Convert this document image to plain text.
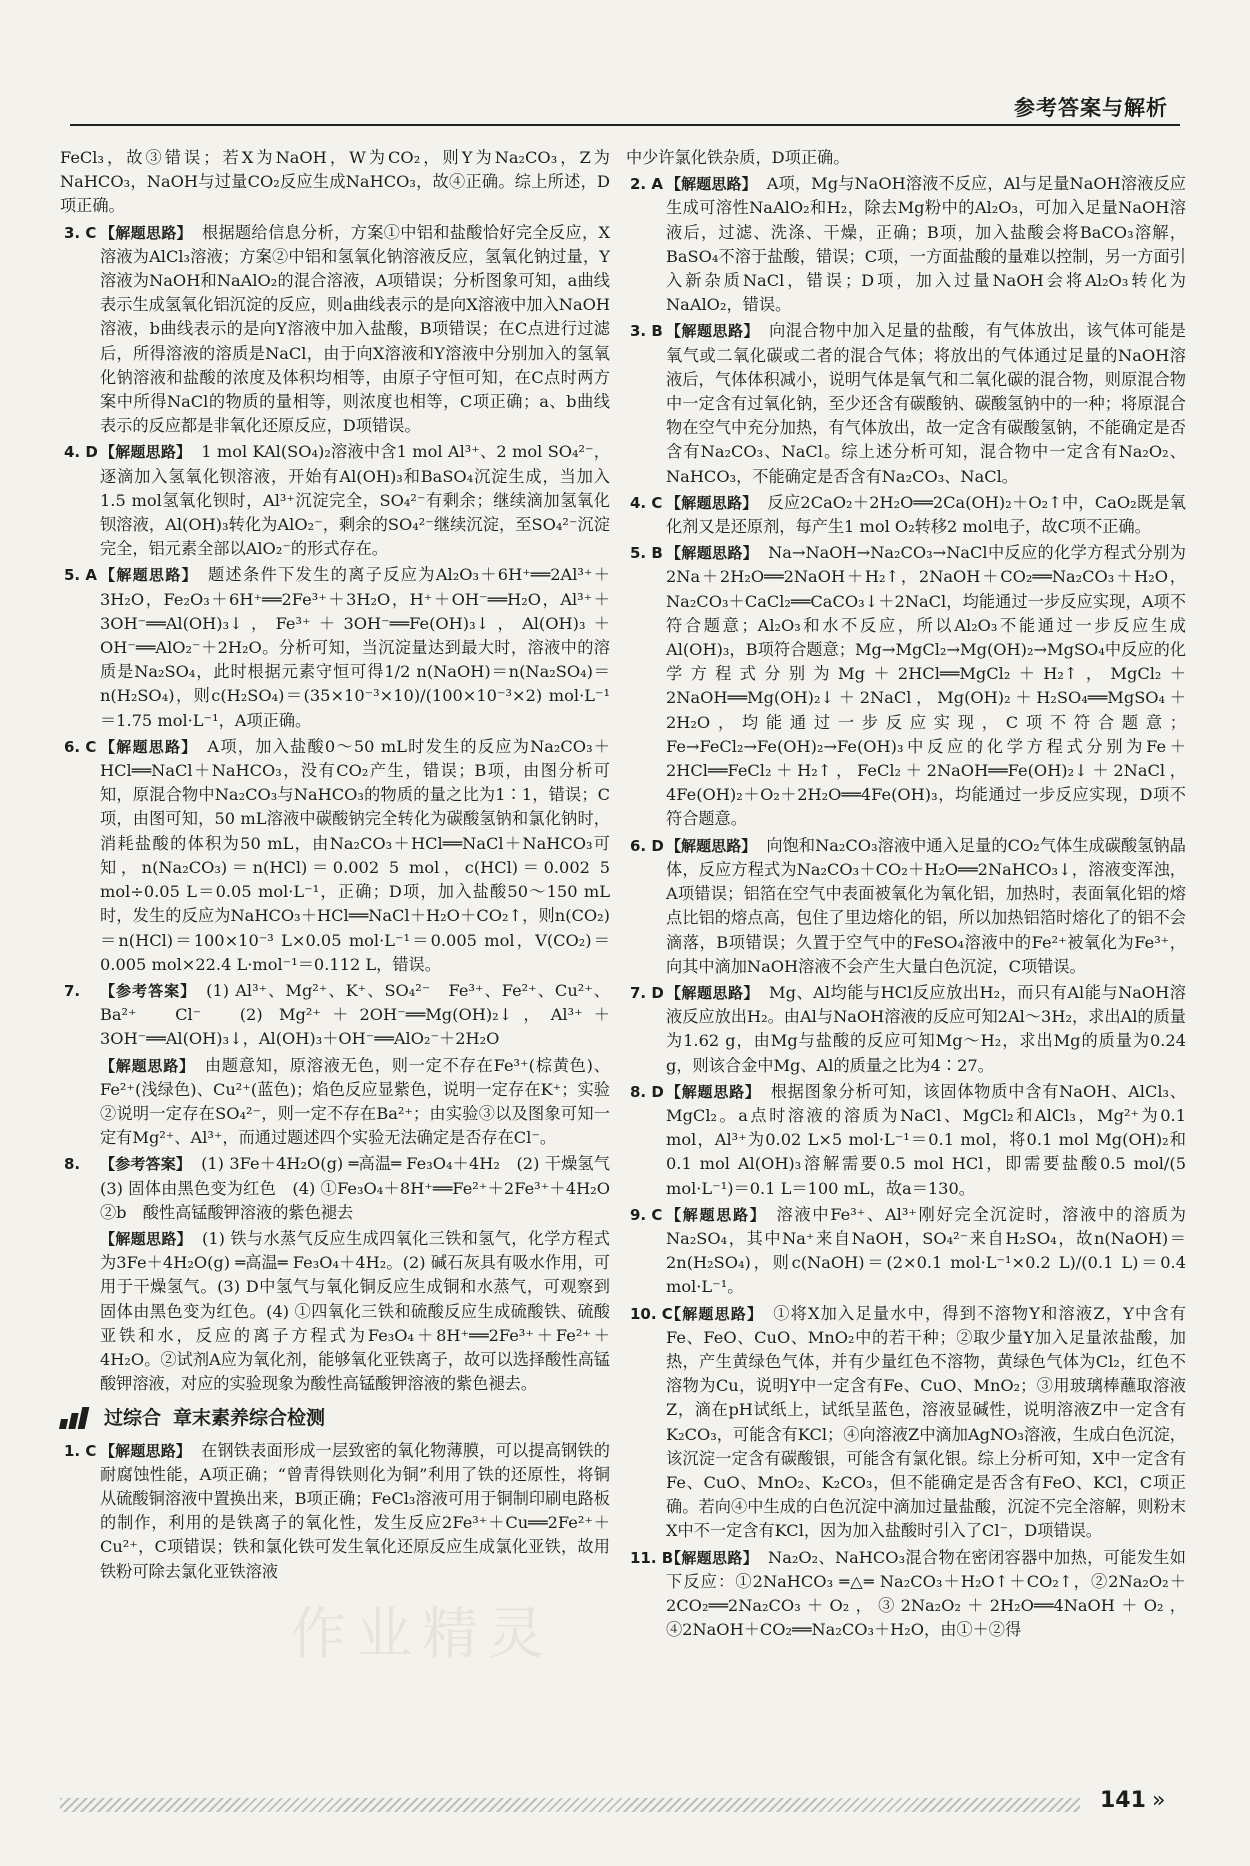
参考答案与解析

FeCl₃，故③错误；若X为NaOH，W为CO₂，则Y为Na₂CO₃，Z为NaHCO₃，NaOH与过量CO₂反应生成NaHCO₃，故④正确。综上所述，D项正确。

3. C 【解题思路】 根据题给信息分析，方案①中铝和盐酸恰好完全反应，X溶液为AlCl₃溶液；方案②中铝和氢氧化钠溶液反应，氢氧化钠过量，Y溶液为NaOH和NaAlO₂的混合溶液，A项错误；分析图象可知，a曲线表示生成氢氧化铝沉淀的反应，则a曲线表示的是向X溶液中加入NaOH溶液，b曲线表示的是向Y溶液中加入盐酸，B项错误；在C点进行过滤后，所得溶液的溶质是NaCl，由于向X溶液和Y溶液中分别加入的氢氧化钠溶液和盐酸的浓度及体积均相等，由原子守恒可知，在C点时两方案中所得NaCl的物质的量相等，则浓度也相等，C项正确；a、b曲线表示的反应都是非氧化还原反应，D项错误。
4. D 【解题思路】 1 mol KAl(SO₄)₂溶液中含1 mol Al³⁺、2 mol SO₄²⁻，逐滴加入氢氧化钡溶液，开始有Al(OH)₃和BaSO₄沉淀生成，当加入1.5 mol氢氧化钡时，Al³⁺沉淀完全，SO₄²⁻有剩余；继续滴加氢氧化钡溶液，Al(OH)₃转化为AlO₂⁻，剩余的SO₄²⁻继续沉淀，至SO₄²⁻沉淀完全，铝元素全部以AlO₂⁻的形式存在。
5. A 【解题思路】 题述条件下发生的离子反应为Al₂O₃＋6H⁺══2Al³⁺＋3H₂O，Fe₂O₃＋6H⁺══2Fe³⁺＋3H₂O，H⁺＋OH⁻══H₂O，Al³⁺＋3OH⁻══Al(OH)₃↓，Fe³⁺＋3OH⁻══Fe(OH)₃↓，Al(OH)₃＋OH⁻══AlO₂⁻＋2H₂O。分析可知，当沉淀量达到最大时，溶液中的溶质是Na₂SO₄，此时根据元素守恒可得1/2 n(NaOH)＝n(Na₂SO₄)＝n(H₂SO₄)，则c(H₂SO₄)＝(35×10⁻³×10)/(100×10⁻³×2) mol·L⁻¹＝1.75 mol·L⁻¹，A项正确。
6. C 【解题思路】 A项，加入盐酸0～50 mL时发生的反应为Na₂CO₃＋HCl══NaCl＋NaHCO₃，没有CO₂产生，错误；B项，由图分析可知，原混合物中Na₂CO₃与NaHCO₃的物质的量之比为1∶1，错误；C项，由图可知，50 mL溶液中碳酸钠完全转化为碳酸氢钠和氯化钠时，消耗盐酸的体积为50 mL，由Na₂CO₃＋HCl══NaCl＋NaHCO₃可知，n(Na₂CO₃)＝n(HCl)＝0.002 5 mol，c(HCl)＝0.002 5 mol÷0.05 L＝0.05 mol·L⁻¹，正确；D项，加入盐酸50～150 mL时，发生的反应为NaHCO₃＋HCl══NaCl＋H₂O＋CO₂↑，则n(CO₂)＝n(HCl)＝100×10⁻³ L×0.05 mol·L⁻¹＝0.005 mol，V(CO₂)＝0.005 mol×22.4 L·mol⁻¹＝0.112 L，错误。
7. 【参考答案】 (1) Al³⁺、Mg²⁺、K⁺、SO₄²⁻　Fe³⁺、Fe²⁺、Cu²⁺、Ba²⁺　Cl⁻　(2) Mg²⁺＋2OH⁻══Mg(OH)₂↓，Al³⁺＋3OH⁻══Al(OH)₃↓，Al(OH)₃＋OH⁻══AlO₂⁻＋2H₂O
【解题思路】 由题意知，原溶液无色，则一定不存在Fe³⁺(棕黄色)、Fe²⁺(浅绿色)、Cu²⁺(蓝色)；焰色反应显紫色，说明一定存在K⁺；实验②说明一定存在SO₄²⁻，则一定不存在Ba²⁺；由实验③以及图象可知一定有Mg²⁺、Al³⁺，而通过题述四个实验无法确定是否存在Cl⁻。
8. 【参考答案】 (1) 3Fe＋4H₂O(g) ═高温═ Fe₃O₄＋4H₂　(2) 干燥氢气　(3) 固体由黑色变为红色　(4) ①Fe₃O₄＋8H⁺══Fe²⁺＋2Fe³⁺＋4H₂O　②b　酸性高锰酸钾溶液的紫色褪去
【解题思路】 (1) 铁与水蒸气反应生成四氧化三铁和氢气，化学方程式为3Fe＋4H₂O(g) ═高温═ Fe₃O₄＋4H₂。(2) 碱石灰具有吸水作用，可用于干燥氢气。(3) D中氢气与氧化铜反应生成铜和水蒸气，可观察到固体由黑色变为红色。(4) ①四氧化三铁和硫酸反应生成硫酸铁、硫酸亚铁和水，反应的离子方程式为Fe₃O₄＋8H⁺══2Fe³⁺＋Fe²⁺＋4H₂O。②试剂A应为氧化剂，能够氧化亚铁离子，故可以选择酸性高锰酸钾溶液，对应的实验现象为酸性高锰酸钾溶液的紫色褪去。
过综合 章末素养综合检测
1. C 【解题思路】 在钢铁表面形成一层致密的氧化物薄膜，可以提高钢铁的耐腐蚀性能，A项正确；“曾青得铁则化为铜”利用了铁的还原性，将铜从硫酸铜溶液中置换出来，B项正确；FeCl₃溶液可用于铜制印刷电路板的制作，利用的是铁离子的氧化性，发生反应2Fe³⁺＋Cu══2Fe²⁺＋Cu²⁺，C项错误；铁和氯化铁可发生氧化还原反应生成氯化亚铁，故用铁粉可除去氯化亚铁溶液

中少许氯化铁杂质，D项正确。

2. A 【解题思路】 A项，Mg与NaOH溶液不反应，Al与足量NaOH溶液反应生成可溶性NaAlO₂和H₂，除去Mg粉中的Al₂O₃，可加入足量NaOH溶液后，过滤、洗涤、干燥，正确；B项，加入盐酸会将BaCO₃溶解，BaSO₄不溶于盐酸，错误；C项，一方面盐酸的量难以控制，另一方面引入新杂质NaCl，错误；D项，加入过量NaOH会将Al₂O₃转化为NaAlO₂，错误。
3. B 【解题思路】 向混合物中加入足量的盐酸，有气体放出，该气体可能是氧气或二氧化碳或二者的混合气体；将放出的气体通过足量的NaOH溶液后，气体体积减小，说明气体是氧气和二氧化碳的混合物，则原混合物中一定含有过氧化钠，至少还含有碳酸钠、碳酸氢钠中的一种；将原混合物在空气中充分加热，有气体放出，故一定含有碳酸氢钠，不能确定是否含有Na₂CO₃、NaCl。综上述分析可知，混合物中一定含有Na₂O₂、NaHCO₃，不能确定是否含有Na₂CO₃、NaCl。
4. C 【解题思路】 反应2CaO₂＋2H₂O══2Ca(OH)₂＋O₂↑中，CaO₂既是氧化剂又是还原剂，每产生1 mol O₂转移2 mol电子，故C项不正确。
5. B 【解题思路】 Na→NaOH→Na₂CO₃→NaCl中反应的化学方程式分别为2Na＋2H₂O══2NaOH＋H₂↑，2NaOH＋CO₂══Na₂CO₃＋H₂O，Na₂CO₃＋CaCl₂══CaCO₃↓＋2NaCl，均能通过一步反应实现，A项不符合题意；Al₂O₃和水不反应，所以Al₂O₃不能通过一步反应生成Al(OH)₃，B项符合题意；Mg→MgCl₂→Mg(OH)₂→MgSO₄中反应的化学方程式分别为Mg＋2HCl══MgCl₂＋H₂↑，MgCl₂＋2NaOH══Mg(OH)₂↓＋2NaCl，Mg(OH)₂＋H₂SO₄══MgSO₄＋2H₂O，均能通过一步反应实现，C项不符合题意；Fe→FeCl₂→Fe(OH)₂→Fe(OH)₃中反应的化学方程式分别为Fe＋2HCl══FeCl₂＋H₂↑，FeCl₂＋2NaOH══Fe(OH)₂↓＋2NaCl，4Fe(OH)₂＋O₂＋2H₂O══4Fe(OH)₃，均能通过一步反应实现，D项不符合题意。
6. D 【解题思路】 向饱和Na₂CO₃溶液中通入足量的CO₂气体生成碳酸氢钠晶体，反应方程式为Na₂CO₃＋CO₂＋H₂O══2NaHCO₃↓，溶液变浑浊，A项错误；铝箔在空气中表面被氧化为氧化铝，加热时，表面氧化铝的熔点比铝的熔点高，包住了里边熔化的铝，所以加热铝箔时熔化了的铝不会滴落，B项错误；久置于空气中的FeSO₄溶液中的Fe²⁺被氧化为Fe³⁺，向其中滴加NaOH溶液不会产生大量白色沉淀，C项错误。
7. D 【解题思路】 Mg、Al均能与HCl反应放出H₂，而只有Al能与NaOH溶液反应放出H₂。由Al与NaOH溶液的反应可知2Al～3H₂，求出Al的质量为1.62 g，由Mg与盐酸的反应可知Mg～H₂，求出Mg的质量为0.24 g，则该合金中Mg、Al的质量之比为4∶27。
8. D 【解题思路】 根据图象分析可知，该固体物质中含有NaOH、AlCl₃、MgCl₂。a点时溶液的溶质为NaCl、MgCl₂和AlCl₃，Mg²⁺为0.1 mol，Al³⁺为0.02 L×5 mol·L⁻¹＝0.1 mol，将0.1 mol Mg(OH)₂和0.1 mol Al(OH)₃溶解需要0.5 mol HCl，即需要盐酸0.5 mol/(5 mol·L⁻¹)＝0.1 L＝100 mL，故a＝130。
9. C 【解题思路】 溶液中Fe³⁺、Al³⁺刚好完全沉淀时，溶液中的溶质为Na₂SO₄，其中Na⁺来自NaOH，SO₄²⁻来自H₂SO₄，故n(NaOH)＝2n(H₂SO₄)，则c(NaOH)＝(2×0.1 mol·L⁻¹×0.2 L)/(0.1 L)＝0.4 mol·L⁻¹。
10. C
【解题思路】 ①将X加入足量水中，得到不溶物Y和溶液Z，Y中含有Fe、FeO、CuO、MnO₂中的若干种；②取少量Y加入足量浓盐酸，加热，产生黄绿色气体，并有少量红色不溶物，黄绿色气体为Cl₂，红色不溶物为Cu，说明Y中一定含有Fe、CuO、MnO₂；③用玻璃棒蘸取溶液Z，滴在pH试纸上，试纸呈蓝色，溶液显碱性，说明溶液Z中一定含有K₂CO₃，可能含有KCl；④向溶液Z中滴加AgNO₃溶液，生成白色沉淀，该沉淀一定含有碳酸银，可能含有氯化银。综上分析可知，X中一定含有Fe、CuO、MnO₂、K₂CO₃，但不能确定是否含有FeO、KCl，C项正确。若向④中生成的白色沉淀中滴加过量盐酸，沉淀不完全溶解，则粉末X中不一定含有KCl，因为加入盐酸时引入了Cl⁻，D项错误。
11. B
【解题思路】 Na₂O₂、NaHCO₃混合物在密闭容器中加热，可能发生如下反应：①2NaHCO₃ ═△═ Na₂CO₃＋H₂O↑＋CO₂↑，②2Na₂O₂＋2CO₂══2Na₂CO₃＋O₂，③2Na₂O₂＋2H₂O══4NaOH＋O₂，④2NaOH＋CO₂══Na₂CO₃＋H₂O，由①＋②得
作业精灵
141 »
